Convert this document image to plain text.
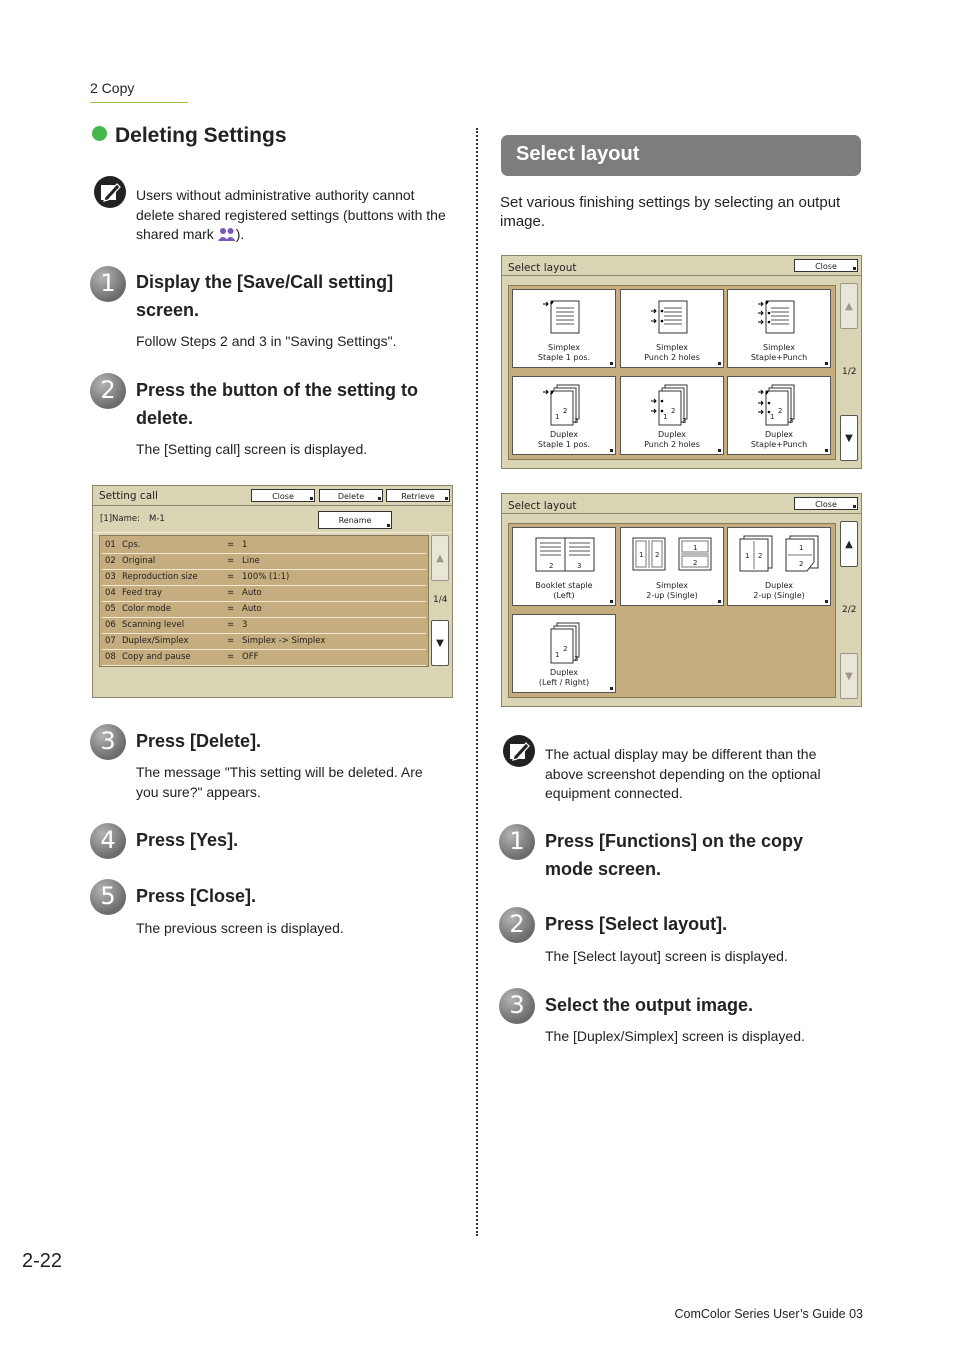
2 Copy
Deleting Settings
Users without administrative authority cannot delete shared registered settings (buttons with the shared mark ).
1	Display the [Save/Call setting]
screen.
Follow Steps 2 and 3 in "Saving Settings".
2	Press the button of the setting to
delete.
The [Setting call] screen is displayed.
Setting call	Close	Delete	Retrieve
[1]Name: M-1	Rename
01 Cps.	= 1
02 Original	= Line
03 Reproduction size	= 100% (1:1)
04 Feed tray	= Auto
05 Color mode	= Auto
06 Scanning level	= 3
07 Duplex/Simplex	= Simplex -> Simplex
08 Copy and pause	= OFF
▲
1/4
▼
3	Press [Delete].
The message "This setting will be deleted. Are
you sure?" appears.
4	Press [Yes].
5	Press [Close].
The previous screen is displayed.
Select layout
Set various finishing settings by selecting an output
image.
Select layout	Close
Simplex
Staple 1 pos.
Simplex
Punch 2 holes
Simplex
Staple+Punch
1
2
3
Duplex
Staple 1 pos.
1
2
3
Duplex
Punch 2 holes
1
2
3
Duplex
Staple+Punch
▲
1/2
▼
Select layout	Close
2	3
Booklet staple
(Left)
1 2
1
2
Simplex
2-up (Single)
1 2
1
2
Duplex
2-up (Single)
1
2
3
Duplex
(Left / Right)
▲
2/2
▼
The actual display may be different than the
above screenshot depending on the optional
equipment connected.
1	Press [Functions] on the copy
mode screen.
2	Press [Select layout].
The [Select layout] screen is displayed.
3	Select the output image.
The [Duplex/Simplex] screen is displayed.
2-22
ComColor Series User’s Guide 03
